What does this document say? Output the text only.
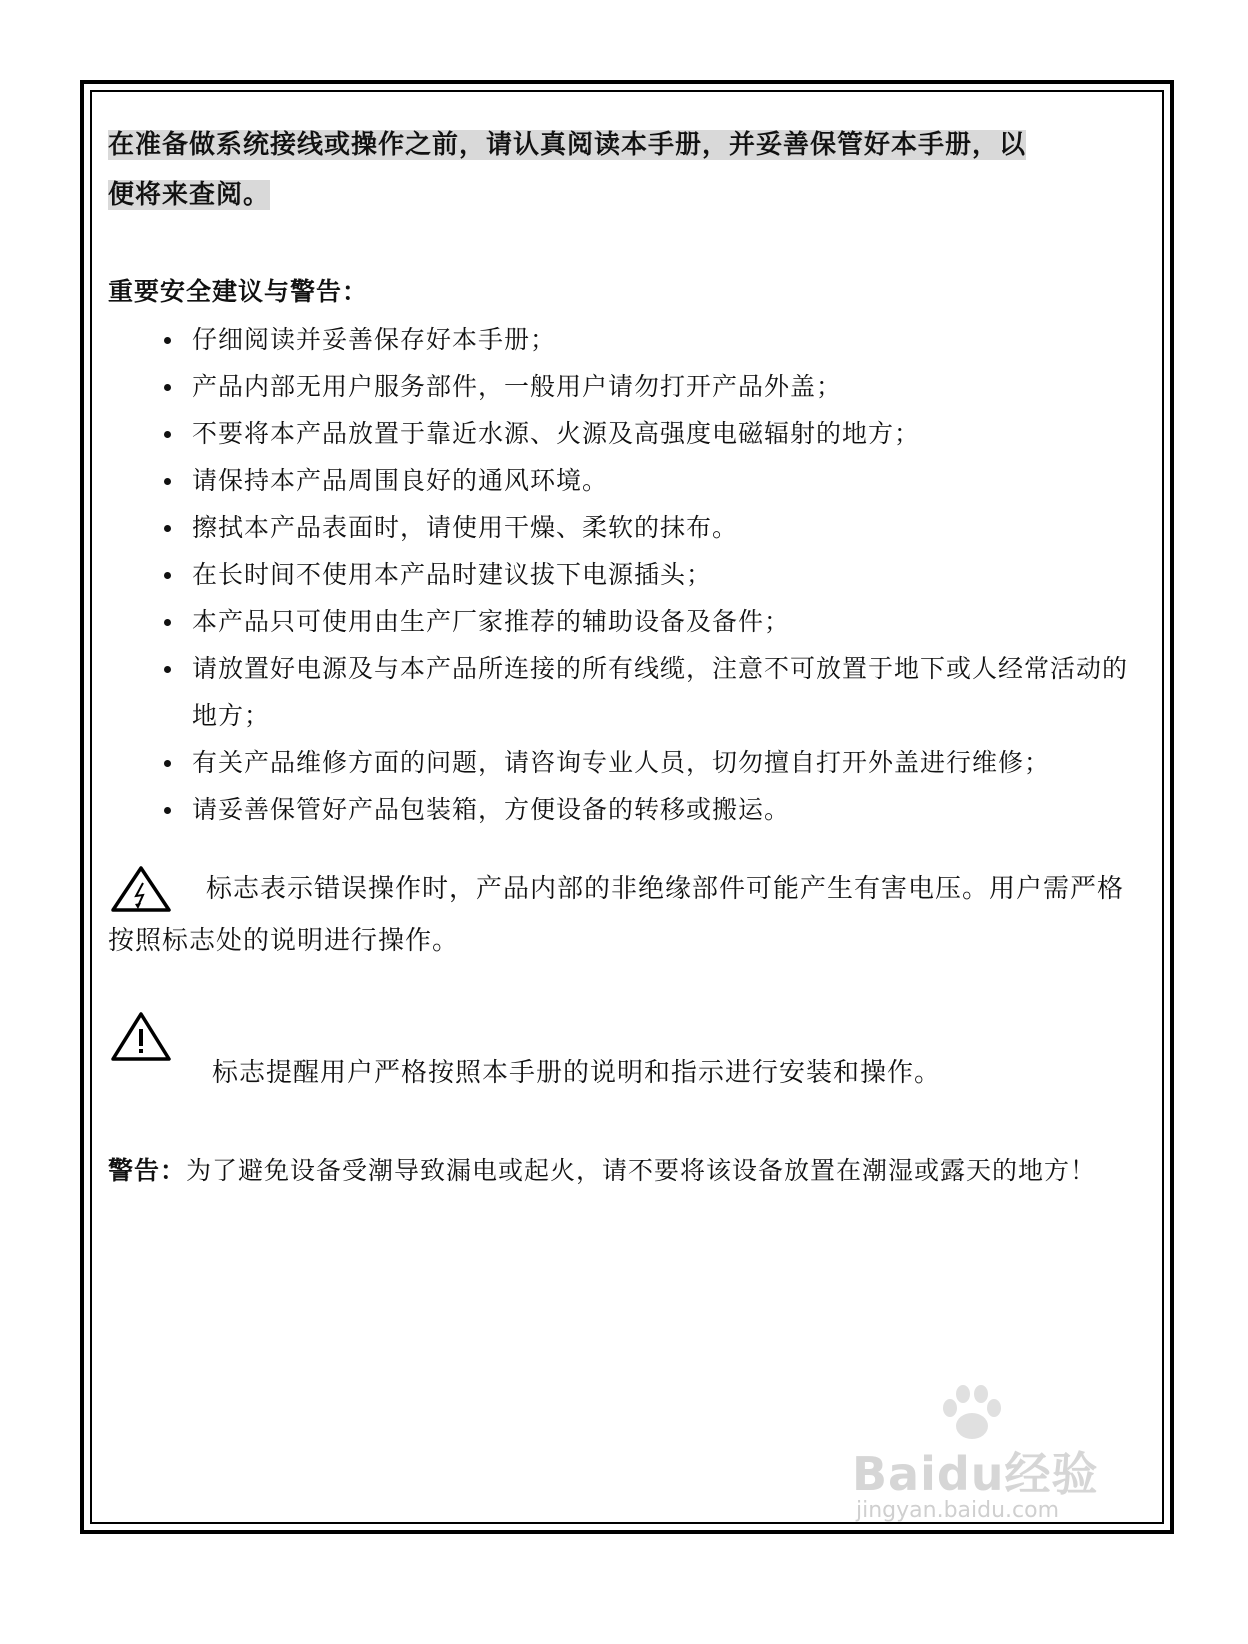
在准备做系统接线或操作之前，请认真阅读本手册，并妥善保管好本手册，以
便将来查阅。
重要安全建议与警告：
仔细阅读并妥善保存好本手册；
产品内部无用户服务部件，一般用户请勿打开产品外盖；
不要将本产品放置于靠近水源、火源及高强度电磁辐射的地方；
请保持本产品周围良好的通风环境。
擦拭本产品表面时，请使用干燥、柔软的抹布。
在长时间不使用本产品时建议拔下电源插头；
本产品只可使用由生产厂家推荐的辅助设备及备件；
请放置好电源及与本产品所连接的所有线缆，注意不可放置于地下或人经常活动的地方；
有关产品维修方面的问题，请咨询专业人员，切勿擅自打开外盖进行维修；
请妥善保管好产品包装箱，方便设备的转移或搬运。
标志表示错误操作时，产品内部的非绝缘部件可能产生有害电压。用户需严格按照标志处的说明进行操作。
标志提醒用户严格按照本手册的说明和指示进行安装和操作。
警告：为了避免设备受潮导致漏电或起火，请不要将该设备放置在潮湿或露天的地方！
Baidu经验
jingyan.baidu.com
